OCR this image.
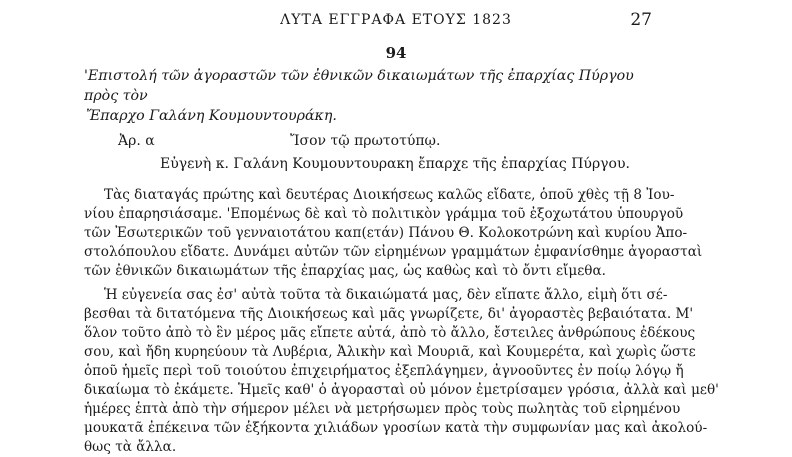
ΛΥΤΑ ΕΓΓΡΑΦΑ ΕΤΟΥΣ 1823	27
94
'Επιστολή τῶν ἀγοραστῶν τῶν ἐθνικῶν δικαιωμάτων τῆς ἐπαρχίας Πύργου πρὸς τὸν
Ἔπαρχο Γαλάνη Κουμουντουράκη.
Ἀρ. α	Ἴσον τῷ πρωτοτύπῳ.
Εὐγενὴ κ. Γαλάνη Κουμουντουρακη ἔπαρχε τῆς ἐπαρχίας Πύργου.
Τὰς διαταγάς πρώτης καὶ δευτέρας Διοικήσεως καλῶς εἴδατε, ὁποῦ χθὲς τῇ 8 Ἰου-
νίου ἐπαρησιάσαμε. 'Επομένως δὲ καὶ τὸ πολιτικὸν γράμμα τοῦ ἐξοχωτάτου ὑπουργοῦ
τῶν Ἐσωτερικῶν τοῦ γενναιοτάτου καπ(ετάν) Πάνου Θ. Κολοκοτρώνη καὶ κυρίου Ἀπο-
στολόπουλου εἴδατε. Δυνάμει αὐτῶν τῶν εἰρημένων γραμμάτων ἐμφανίσθημε ἀγορασταὶ
τῶν ἐθνικῶν δικαιωμάτων τῆς ἐπαρχίας μας, ὡς καθὼς καὶ τὸ ὄντι εἴμεθα.
Ἡ εὐγενεία σας ἐσ' αὐτὰ τοῦτα τὰ δικαιώματά μας, δὲν εἴπατε ἄλλο, εἰμὴ ὅτι σέ-
βεσθαι τὰ διτατόμενα τῆς Διοικήσεως καὶ μᾶς γνωρίζετε, δι' ἀγοραστὲς βεβαιότατα. Μ'
ὅλον τοῦτο ἀπὸ τὸ ἓν μέρος μᾶς εἴπετε αὐτά, ἀπὸ τὸ ἄλλο, ἔστειλες ἀνθρώπους ἐδέκους
σου, καὶ ἤδη κυρηεύουν τὰ Λυβέρια, Ἀλικὴν καὶ Μουριᾶ, καὶ Κουμερέτα, καὶ χωρὶς ὥστε
ὁποῦ ἡμεῖς περὶ τοῦ τοιούτου ἐπιχειρήματος ἐξεπλάγημεν, ἀγνοοῦντες ἐν ποίῳ λόγῳ ἤ
δικαίωμα τὸ ἐκάμετε. Ἡμεῖς καθ' ὁ ἀγορασταὶ οὐ μόνον ἐμετρίσαμεν γρόσια, ἀλλὰ καὶ μεθ'
ἡμέρες ἑπτὰ ἀπὸ τὴν σήμερον μέλει νὰ μετρήσωμεν πρὸς τοὺς πωλητὰς τοῦ εἰρημένου
μουκατᾶ ἐπέκεινα τῶν ἑξήκοντα χιλιάδων γροσίων κατὰ τὴν συμφωνίαν μας καὶ ἀκολού-
θως τὰ ἄλλα.
